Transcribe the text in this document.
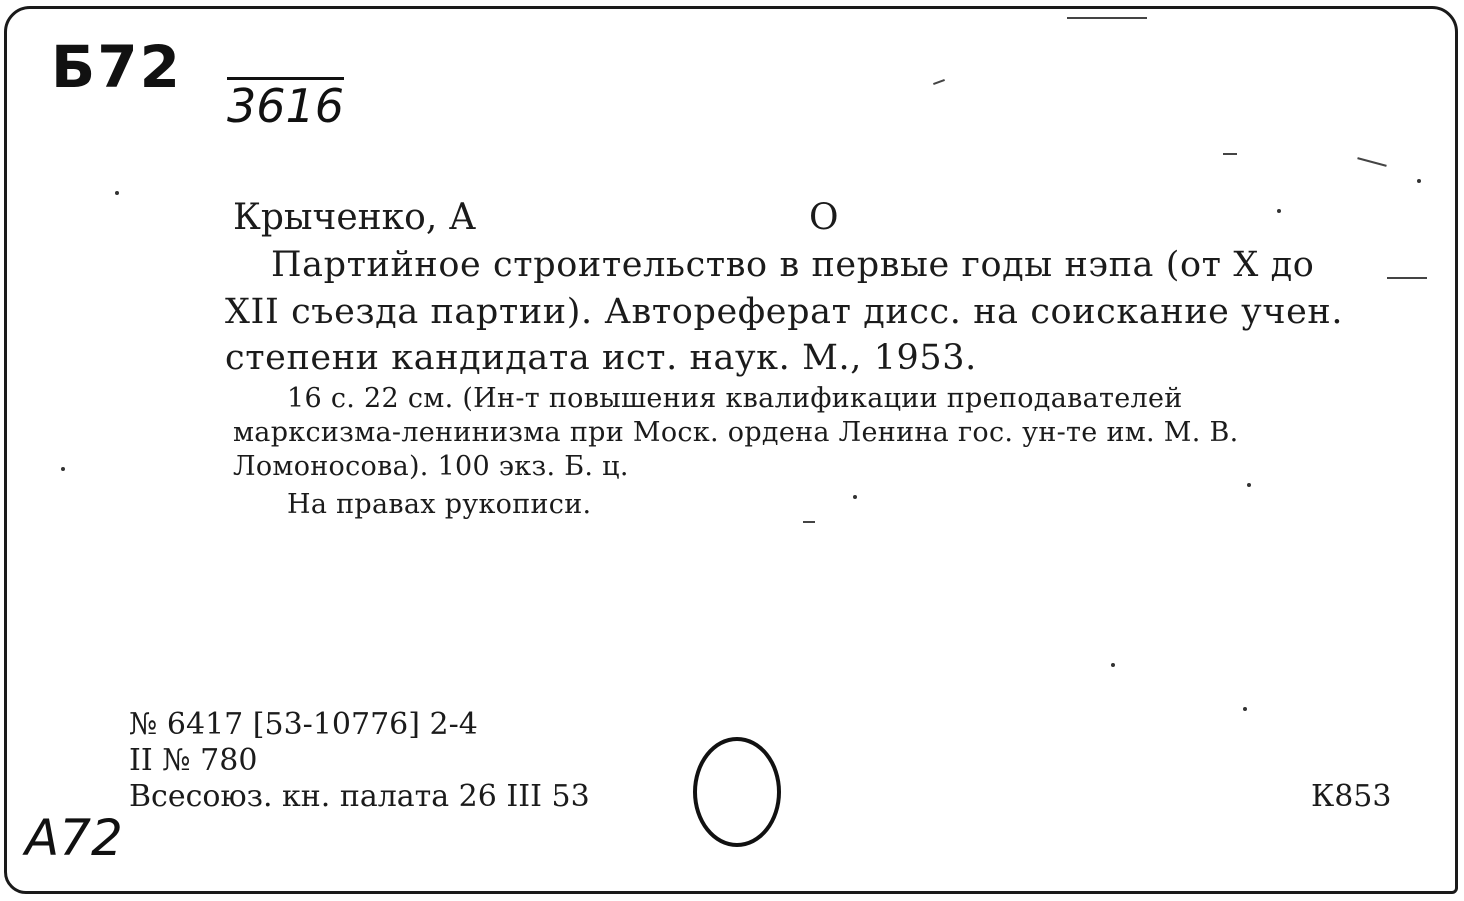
Б72
3616
Крыченко, А	О
Партийное строительство в первые годы нэпа (от X до
XII съезда партии). Автореферат дисс. на соискание учен.
степени кандидата ист. наук. М., 1953.
16 с. 22 см. (Ин-т повышения квалификации преподавателей
марксизма-ленинизма при Моск. ордена Ленина гос. ун-те им. М. В.
Ломоносова). 100 экз. Б. ц.
На правах рукописи.
№ 6417 [53-10776] 2-4
II № 780
Всесоюз. кн. палата 26 III 53	К853
А72
